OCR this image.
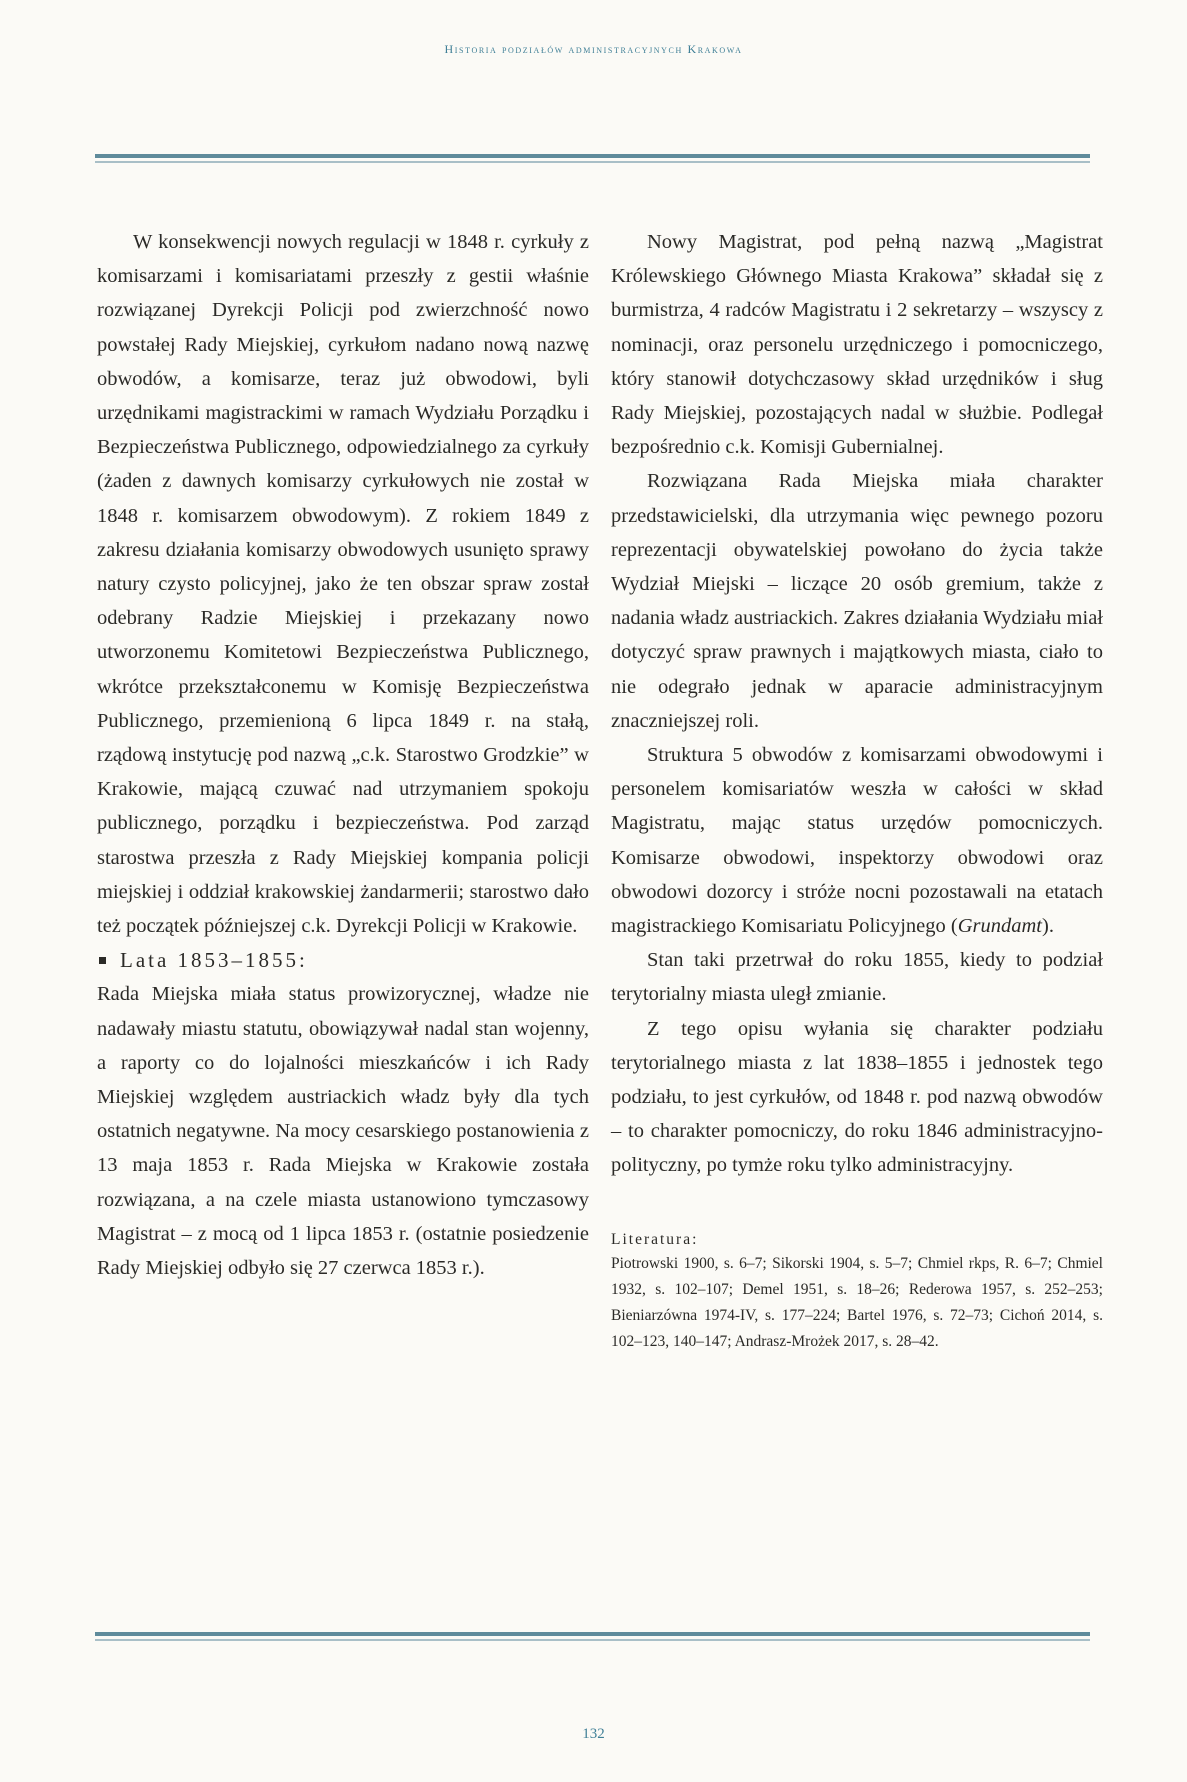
Historia podziałów administracyjnych Krakowa

W konsekwencji nowych regulacji w 1848 r. cyrkuły z komisarzami i komisariatami przeszły z gestii właśnie rozwiązanej Dyrekcji Policji pod zwierzchność nowo powstałej Rady Miejskiej, cyrkułom nadano nową nazwę obwodów, a komisarze, teraz już obwodowi, byli urzędnikami magistrackimi w ramach Wydziału Porządku i Bezpieczeństwa Publicznego, odpowiedzialnego za cyrkuły (żaden z dawnych komisarzy cyrkułowych nie został w 1848 r. komisarzem obwodowym). Z rokiem 1849 z zakresu działania komisarzy obwodowych usunięto sprawy natury czysto policyjnej, jako że ten obszar spraw został odebrany Radzie Miejskiej i przekazany nowo utworzonemu Komitetowi Bezpieczeństwa Publicznego, wkrótce przekształconemu w Komisję Bezpieczeństwa Publicznego, przemienioną 6 lipca 1849 r. na stałą, rządową instytucję pod nazwą „c.k. Starostwo Grodzkie” w Krakowie, mającą czuwać nad utrzymaniem spokoju publicznego, porządku i bezpieczeństwa. Pod zarząd starostwa przeszła z Rady Miejskiej kompania policji miejskiej i oddział krakowskiej żandarmerii; starostwo dało też początek późniejszej c.k. Dyrekcji Policji w Krakowie.

Lata 1853–1855:

Rada Miejska miała status prowizorycznej, władze nie nadawały miastu statutu, obowiązywał nadal stan wojenny, a raporty co do lojalności mieszkańców i ich Rady Miejskiej względem austriackich władz były dla tych ostatnich negatywne. Na mocy cesarskiego postanowienia z 13 maja 1853 r. Rada Miejska w Krakowie została rozwiązana, a na czele miasta ustanowiono tymczasowy Magistrat – z mocą od 1 lipca 1853 r. (ostatnie posiedzenie Rady Miejskiej odbyło się 27 czerwca 1853 r.).

Nowy Magistrat, pod pełną nazwą „Magistrat Królewskiego Głównego Miasta Krakowa” składał się z burmistrza, 4 radców Magistratu i 2 sekretarzy – wszyscy z nominacji, oraz personelu urzędniczego i pomocniczego, który stanowił dotychczasowy skład urzędników i sług Rady Miejskiej, pozostających nadal w służbie. Podlegał bezpośrednio c.k. Komisji Gubernialnej.

Rozwiązana Rada Miejska miała charakter przedstawicielski, dla utrzymania więc pewnego pozoru reprezentacji obywatelskiej powołano do życia także Wydział Miejski – liczące 20 osób gremium, także z nadania władz austriackich. Zakres działania Wydziału miał dotyczyć spraw prawnych i majątkowych miasta, ciało to nie odegrało jednak w aparacie administracyjnym znaczniejszej roli.

Struktura 5 obwodów z komisarzami obwodowymi i personelem komisariatów weszła w całości w skład Magistratu, mając status urzędów pomocniczych. Komisarze obwodowi, inspektorzy obwodowi oraz obwodowi dozorcy i stróże nocni pozostawali na etatach magistrackiego Komisariatu Policyjnego (Grundamt).

Stan taki przetrwał do roku 1855, kiedy to podział terytorialny miasta uległ zmianie.

Z tego opisu wyłania się charakter podziału terytorialnego miasta z lat 1838–1855 i jednostek tego podziału, to jest cyrkułów, od 1848 r. pod nazwą obwodów – to charakter pomocniczy, do roku 1846 administracyjno-polityczny, po tymże roku tylko administracyjny.

Literatura:

Piotrowski 1900, s. 6–7; Sikorski 1904, s. 5–7; Chmiel rkps, R. 6–7; Chmiel 1932, s. 102–107; Demel 1951, s. 18–26; Rederowa 1957, s. 252–253; Bieniarzówna 1974-IV, s. 177–224; Bartel 1976, s. 72–73; Cichoń 2014, s. 102–123, 140–147; Andrasz-Mrożek 2017, s. 28–42.

132
